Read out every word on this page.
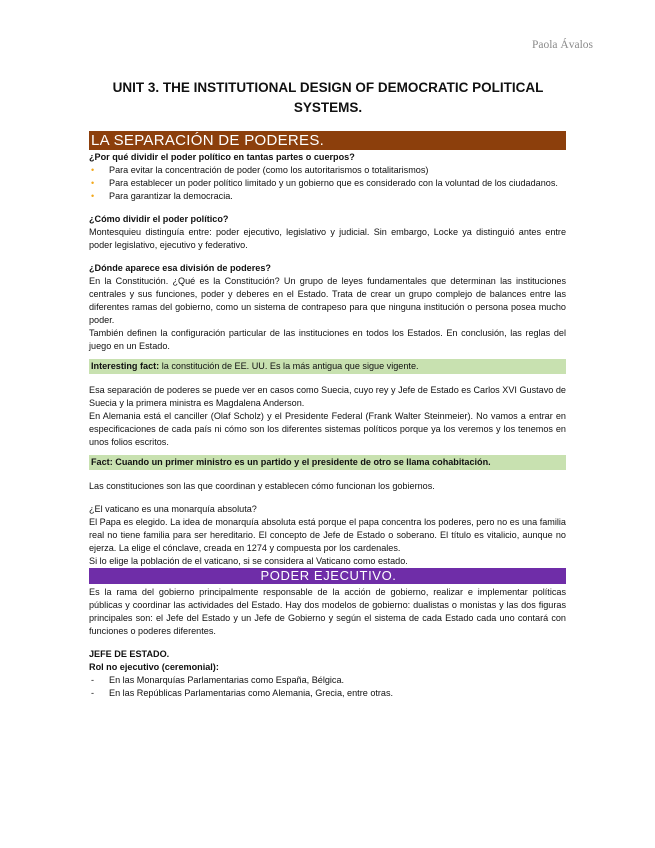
Paola Ávalos
UNIT 3. THE INSTITUTIONAL DESIGN OF DEMOCRATIC POLITICAL SYSTEMS.
LA SEPARACIÓN DE PODERES.
¿Por qué dividir el poder político en tantas partes o cuerpos?
• Para evitar la concentración de poder (como los autoritarismos o totalitarismos)
• Para establecer un poder político limitado y un gobierno que es considerado con la voluntad de los ciudadanos.
• Para garantizar la democracia.
¿Cómo dividir el poder político?
Montesquieu distinguía entre: poder ejecutivo, legislativo y judicial. Sin embargo, Locke ya distinguió antes entre poder legislativo, ejecutivo y federativo.
¿Dónde aparece esa división de poderes?
En la Constitución. ¿Qué es la Constitución? Un grupo de leyes fundamentales que determinan las instituciones centrales y sus funciones, poder y deberes en el Estado. Trata de crear un grupo complejo de balances entre las diferentes ramas del gobierno, como un sistema de contrapeso para que ninguna institución o persona posea mucho poder.
También definen la configuración particular de las instituciones en todos los Estados. En conclusión, las reglas del juego en un Estado.
Interesting fact: la constitución de EE. UU. Es la más antigua que sigue vigente.
Esa separación de poderes se puede ver en casos como Suecia, cuyo rey y Jefe de Estado es Carlos XVI Gustavo de Suecia y la primera ministra es Magdalena Anderson.
En Alemania está el canciller (Olaf Scholz) y el Presidente Federal (Frank Walter Steinmeier). No vamos a entrar en especificaciones de cada país ni cómo son los diferentes sistemas políticos porque ya los veremos y los tenemos en unos folios escritos.
Fact: Cuando un primer ministro es un partido y el presidente de otro se llama cohabitación.
Las constituciones son las que coordinan y establecen cómo funcionan los gobiernos.
¿El vaticano es una monarquía absoluta?
El Papa es elegido. La idea de monarquía absoluta está porque el papa concentra los poderes, pero no es una familia real no tiene familia para ser hereditario. El concepto de Jefe de Estado o soberano. El título es vitalicio, aunque no ejerza. La elige el cónclave, creada en 1274 y compuesta por los cardenales.
Si lo elige la población de el vaticano, si se considera al Vaticano como estado.
PODER EJECUTIVO.
Es la rama del gobierno principalmente responsable de la acción de gobierno, realizar e implementar políticas públicas y coordinar las actividades del Estado. Hay dos modelos de gobierno: dualistas o monistas y las dos figuras principales son: el Jefe del Estado y un Jefe de Gobierno y según el sistema de cada Estado cada uno contará con funciones o poderes diferentes.
JEFE DE ESTADO.
Rol no ejecutivo (ceremonial):
- En las Monarquías Parlamentarias como España, Bélgica.
- En las Repúblicas Parlamentarias como Alemania, Grecia, entre otras.
